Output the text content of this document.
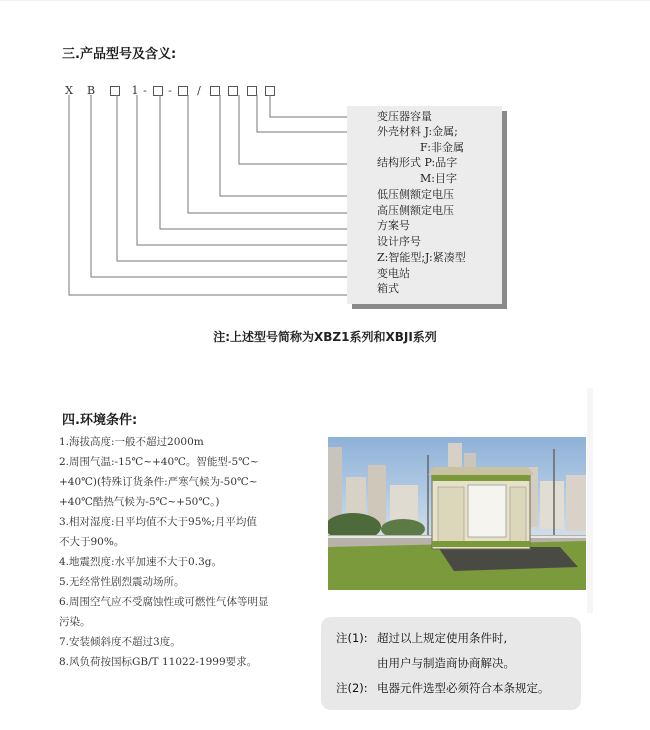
三.产品型号及含义:
X B	1 - - /
变压器容量
外壳材料 J:金属;
F:非金属
结构形式 P:品字
M:目字
低压侧额定电压
高压侧额定电压
方案号
设计序号
Z:智能型;J:紧凑型
变电站
箱式
注:上述型号简称为XBZ1系列和XBJI系列
四.环境条件:
1.海拔高度:一般不超过2000m
2.周围气温:-15℃~+40℃。智能型-5℃~
+40℃)(特殊订货条件:严寒气候为-50℃~
+40℃酷热气候为-5℃~+50℃。)
3.相对湿度:日平均值不大于95%;月平均值
不大于90%。
4.地震烈度:水平加速不大于0.3g。
5.无经常性剧烈震动场所。
6.周围空气应不受腐蚀性或可燃性气体等明显
污染。
7.安装倾斜度不超过3度。
8.风负荷按国标GB/T 11022-1999要求。
注(1): 超过以上规定使用条件时,
由用户与制造商协商解决。
注(2): 电器元件选型必须符合本条规定。
